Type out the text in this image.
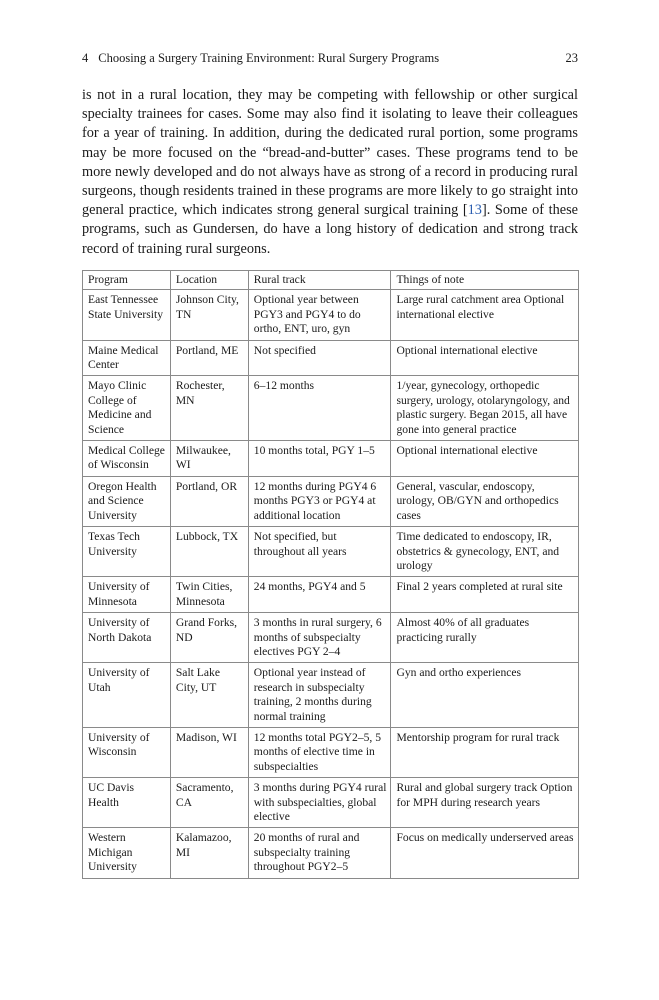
4 Choosing a Surgery Training Environment: Rural Surgery Programs	23

is not in a rural location, they may be competing with fellowship or other surgical specialty trainees for cases. Some may also find it isolating to leave their colleagues for a year of training. In addition, during the dedicated rural portion, some programs may be more focused on the “bread-and-butter” cases. These programs tend to be more newly developed and do not always have as strong of a record in producing rural surgeons, though residents trained in these programs are more likely to go straight into general practice, which indicates strong general surgical training [13]. Some of these programs, such as Gundersen, do have a long history of dedication and strong track record of training rural surgeons.

Program	Location	Rural track	Things of note
East Tennessee State University	Johnson City, TN	Optional year between PGY3 and PGY4 to do ortho, ENT, uro, gyn	Large rural catchment area Optional international elective
Maine Medical Center	Portland, ME	Not specified	Optional international elective
Mayo Clinic College of Medicine and Science	Rochester, MN	6–12 months	1/year, gynecology, orthopedic surgery, urology, otolaryngology, and plastic surgery. Began 2015, all have gone into general practice
Medical College of Wisconsin	Milwaukee, WI	10 months total, PGY 1–5	Optional international elective
Oregon Health and Science University	Portland, OR	12 months during PGY4 6 months PGY3 or PGY4 at additional location	General, vascular, endoscopy, urology, OB/GYN and orthopedics cases
Texas Tech University	Lubbock, TX	Not specified, but throughout all years	Time dedicated to endoscopy, IR, obstetrics & gynecology, ENT, and urology
University of Minnesota	Twin Cities, Minnesota	24 months, PGY4 and 5	Final 2 years completed at rural site
University of North Dakota	Grand Forks, ND	3 months in rural surgery, 6 months of subspecialty electives PGY 2–4	Almost 40% of all graduates practicing rurally
University of Utah	Salt Lake City, UT	Optional year instead of research in subspecialty training, 2 months during normal training	Gyn and ortho experiences
University of Wisconsin	Madison, WI	12 months total PGY2–5, 5 months of elective time in subspecialties	Mentorship program for rural track
UC Davis Health	Sacramento, CA	3 months during PGY4 rural with subspecialties, global elective	Rural and global surgery track Option for MPH during research years
Western Michigan University	Kalamazoo, MI	20 months of rural and subspecialty training throughout PGY2–5	Focus on medically underserved areas
